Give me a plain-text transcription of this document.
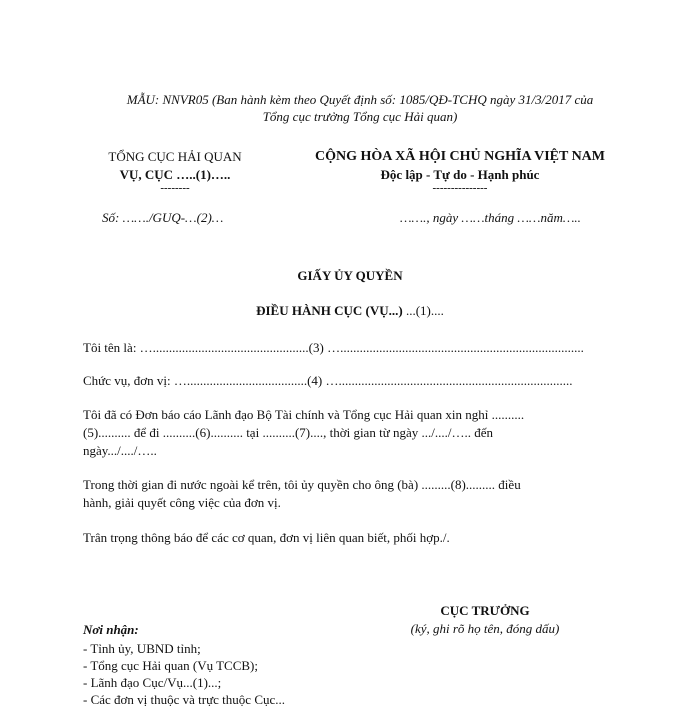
MẪU: NNVR05 (Ban hành kèm theo Quyết định số: 1085/QĐ-TCHQ ngày 31/3/2017 của
Tổng cục trưởng Tổng cục Hải quan)
TỔNG CỤC HẢI QUAN
VỤ, CỤC …..(1)…..
--------
CỘNG HÒA XÃ HỘI CHỦ NGHĨA VIỆT NAM
Độc lập - Tự do - Hạnh phúc
---------------
Số: ……./GUQ-…(2)…	……., ngày ……tháng ……năm…..
GIẤY ỦY QUYỀN
ĐIỀU HÀNH CỤC (VỤ...) ...(1)....
Tôi tên là: …................................................(3) …...........................................................................
Chức vụ, đơn vị: ….....................................(4) …........................................................................
Tôi đã có Đơn báo cáo Lãnh đạo Bộ Tài chính và Tổng cục Hải quan xin nghỉ ..........
(5).......... để đi ..........(6).......... tại ..........(7)...., thời gian từ ngày .../..../….. đến
ngày.../..../…..
Trong thời gian đi nước ngoài kể trên, tôi ủy quyền cho ông (bà) .........(8)......... điều
hành, giải quyết công việc của đơn vị.
Trân trọng thông báo để các cơ quan, đơn vị liên quan biết, phối hợp./.
CỤC TRƯỞNG
(ký, ghi rõ họ tên, đóng dấu)
Nơi nhận:
- Tỉnh ủy, UBND tỉnh;
- Tổng cục Hải quan (Vụ TCCB);
- Lãnh đạo Cục/Vụ...(1)...;
- Các đơn vị thuộc và trực thuộc Cục...
